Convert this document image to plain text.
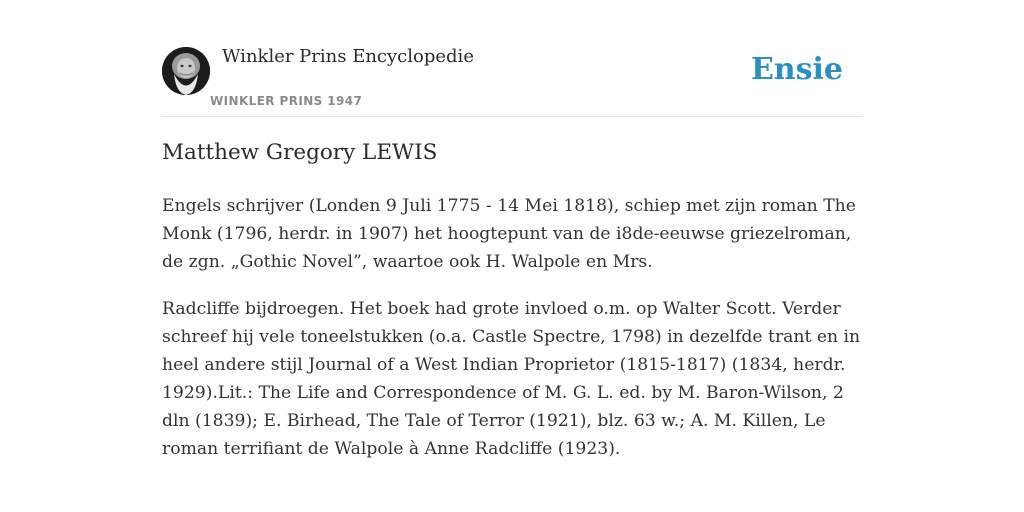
Winkler Prins Encyclopedie
WINKLER PRINS 1947
Ensie
Matthew Gregory LEWIS

Engels schrijver (Londen 9 Juli 1775 - 14 Mei 1818), schiep met zijn roman The Monk (1796, herdr. in 1907) het hoogtepunt van de i8de-eeuwse griezelroman, de zgn. „Gothic Novel”, waartoe ook H. Walpole en Mrs.

Radcliffe bijdroegen. Het boek had grote invloed o.m. op Walter Scott. Verder schreef hij vele toneelstukken (o.a. Castle Spectre, 1798) in dezelfde trant en in heel andere stijl Journal of a West Indian Proprietor (1815-1817) (1834, herdr. 1929).Lit.: The Life and Correspondence of M. G. L. ed. by M. Baron-Wilson, 2 dln (1839); E. Birhead, The Tale of Terror (1921), blz. 63 w.; A. M. Killen, Le roman terrifiant de Walpole à Anne Radcliffe (1923).
